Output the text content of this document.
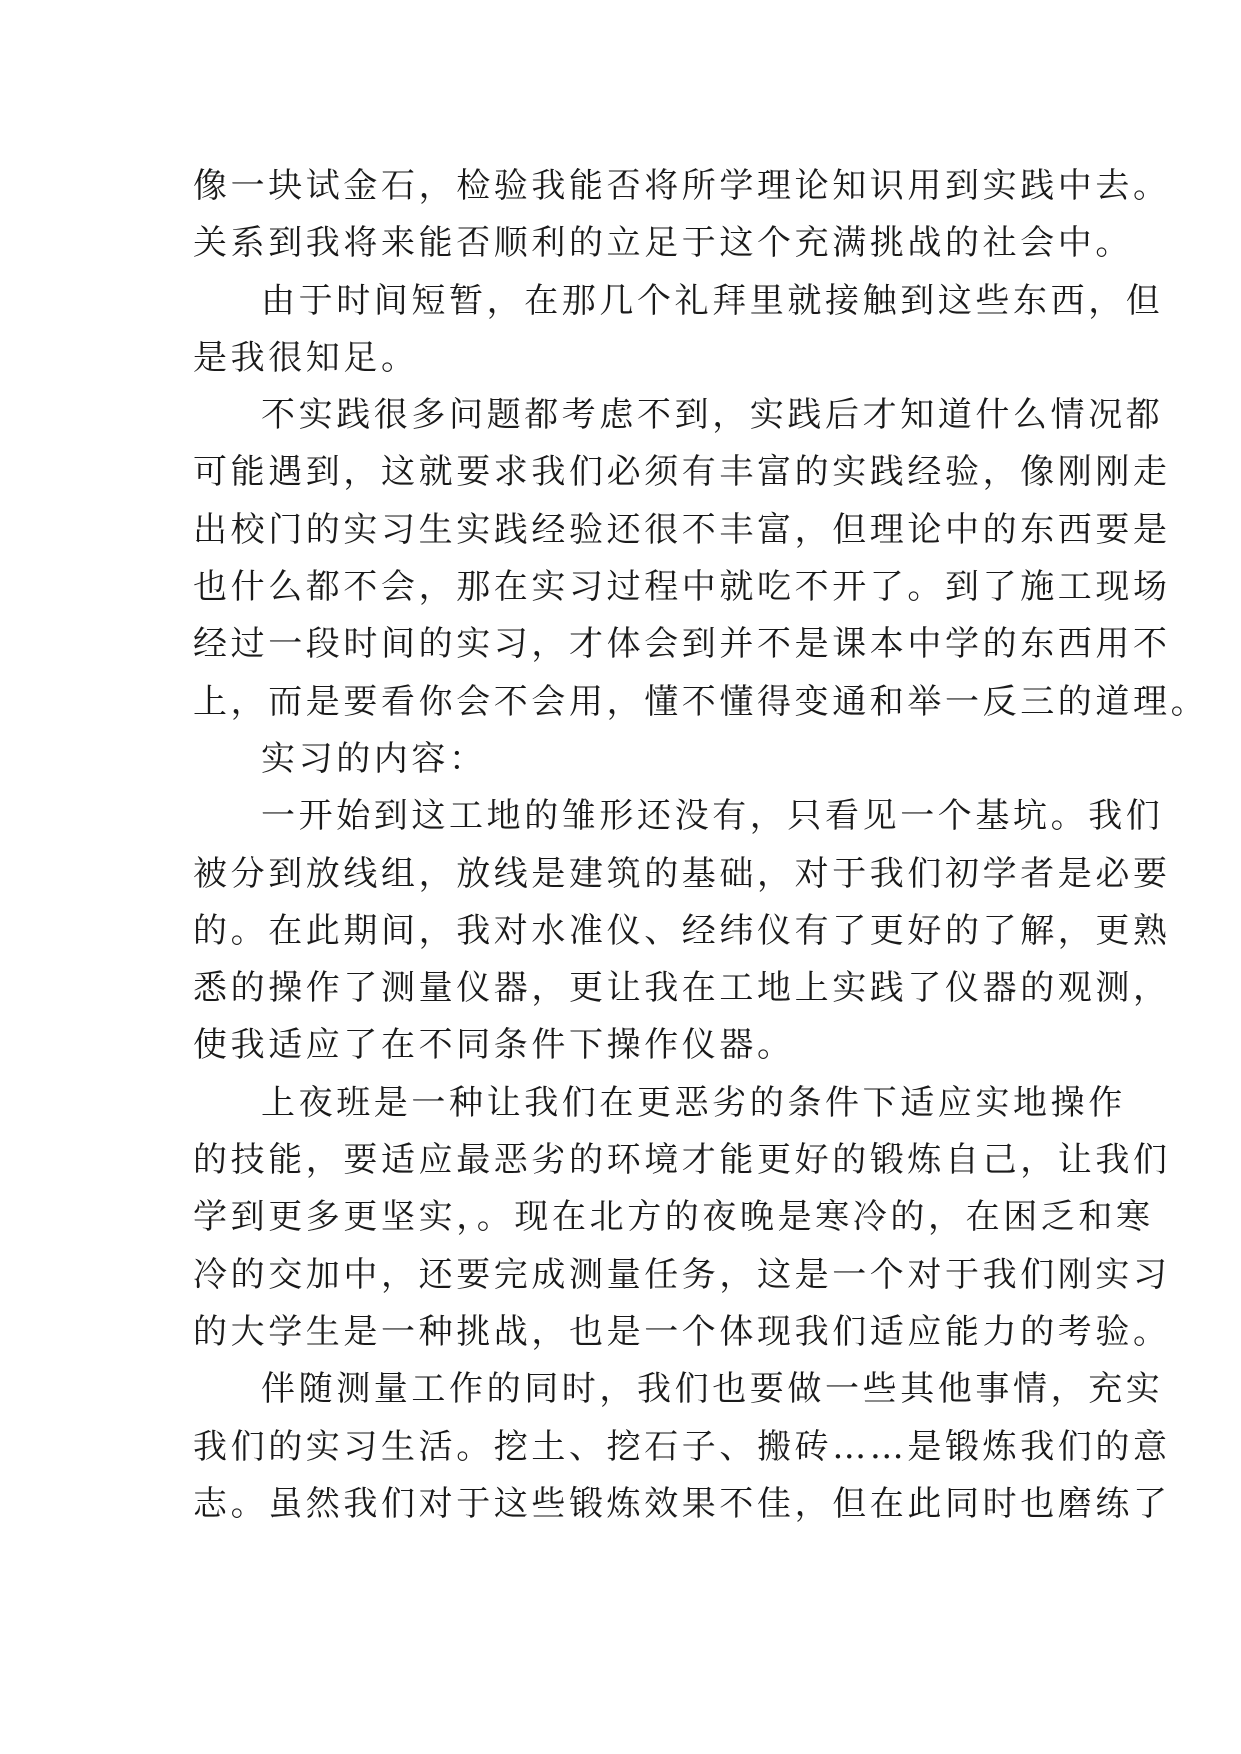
像一块试金石，检验我能否将所学理论知识用到实践中去。
关系到我将来能否顺利的立足于这个充满挑战的社会中。
由于时间短暂，在那几个礼拜里就接触到这些东西，但
是我很知足。
不实践很多问题都考虑不到，实践后才知道什么情况都
可能遇到，这就要求我们必须有丰富的实践经验，像刚刚走
出校门的实习生实践经验还很不丰富，但理论中的东西要是
也什么都不会，那在实习过程中就吃不开了。到了施工现场
经过一段时间的实习，才体会到并不是课本中学的东西用不
上，而是要看你会不会用，懂不懂得变通和举一反三的道理。
实习的内容：
一开始到这工地的雏形还没有，只看见一个基坑。我们
被分到放线组，放线是建筑的基础，对于我们初学者是必要
的。在此期间，我对水准仪、经纬仪有了更好的了解，更熟
悉的操作了测量仪器，更让我在工地上实践了仪器的观测，
使我适应了在不同条件下操作仪器。
上夜班是一种让我们在更恶劣的条件下适应实地操作
的技能，要适应最恶劣的环境才能更好的锻炼自己，让我们
学到更多更坚实，。现在北方的夜晚是寒冷的，在困乏和寒
冷的交加中，还要完成测量任务，这是一个对于我们刚实习
的大学生是一种挑战，也是一个体现我们适应能力的考验。
伴随测量工作的同时，我们也要做一些其他事情，充实
我们的实习生活。挖土、挖石子、搬砖……是锻炼我们的意
志。虽然我们对于这些锻炼效果不佳，但在此同时也磨练了
